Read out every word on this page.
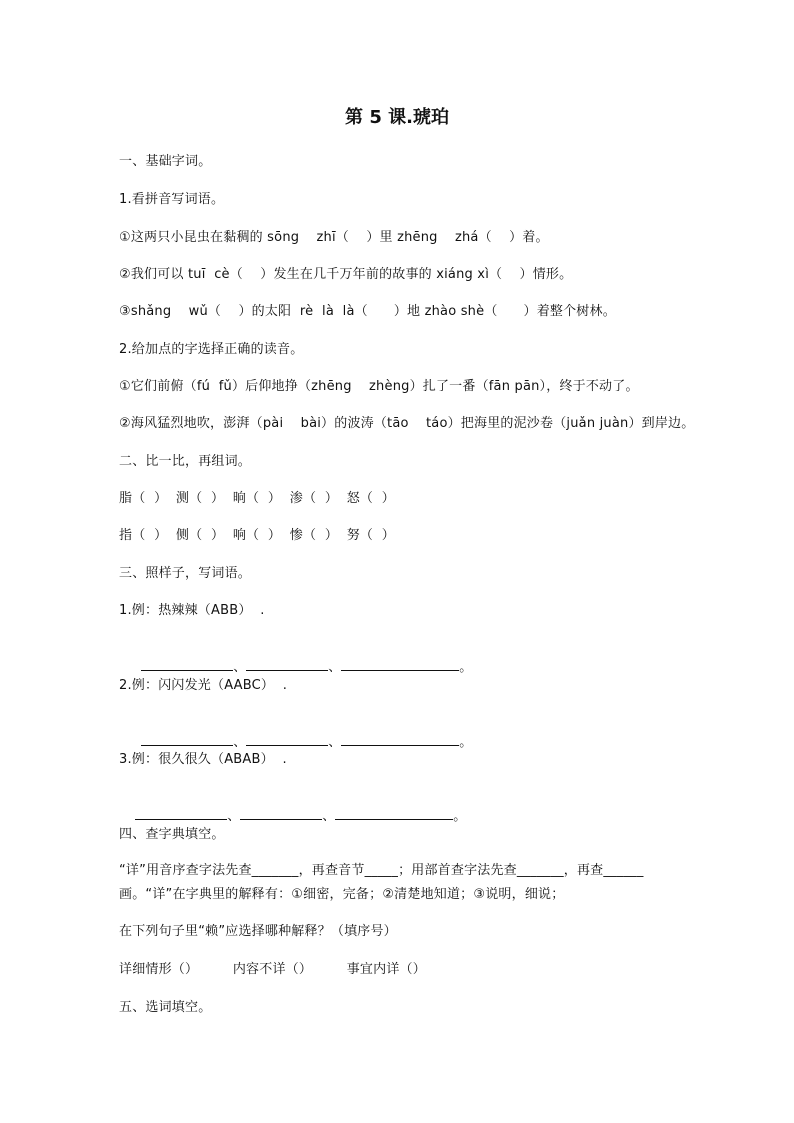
第 5 课.琥珀
一、基础字词。
1.看拼音写词语。
①这两只小昆虫在黏稠的 sōng    zhī（    ）里 zhēng    zhá（    ）着。
②我们可以 tuī  cè（    ）发生在几千万年前的故事的 xiáng xì（    ）情形。
③shǎng    wǔ（    ）的太阳  rè  là  là（      ）地 zhào shè（      ）着整个树林。
2.给加点的字选择正确的读音。
①它们前俯（fú  fǔ）后仰地挣（zhēng    zhèng）扎了一番（fān pān），终于不动了。
②海风猛烈地吹，澎湃（pài    bài）的波涛（tāo    táo）把海里的泥沙卷（juǎn juàn）到岸边。
二、比一比，再组词。
脂（  ）  测（  ）  晌（  ）  渗（  ）  怒（  ）
指（  ）  侧（  ）  响（  ）  惨（  ）  努（  ）
三、照样子，写词语。
1.例：热辣辣（ABB）  .

、	、	。

2.例：闪闪发光（AABC）  .

、	、	。

3.例：很久很久（ABAB）  .

、	、	。

四、查字典填空。
“详”用音序查字法先查_______，再查音节_____；用部首查字法先查_______，再查______
画。“详”在字典里的解释有：①细密，完备；②清楚地知道；③说明，细说；
在下列句子里“赖”应选择哪种解释？（填序号）
详细情形（）        内容不详（）        事宜内详（）
五、选词填空。
